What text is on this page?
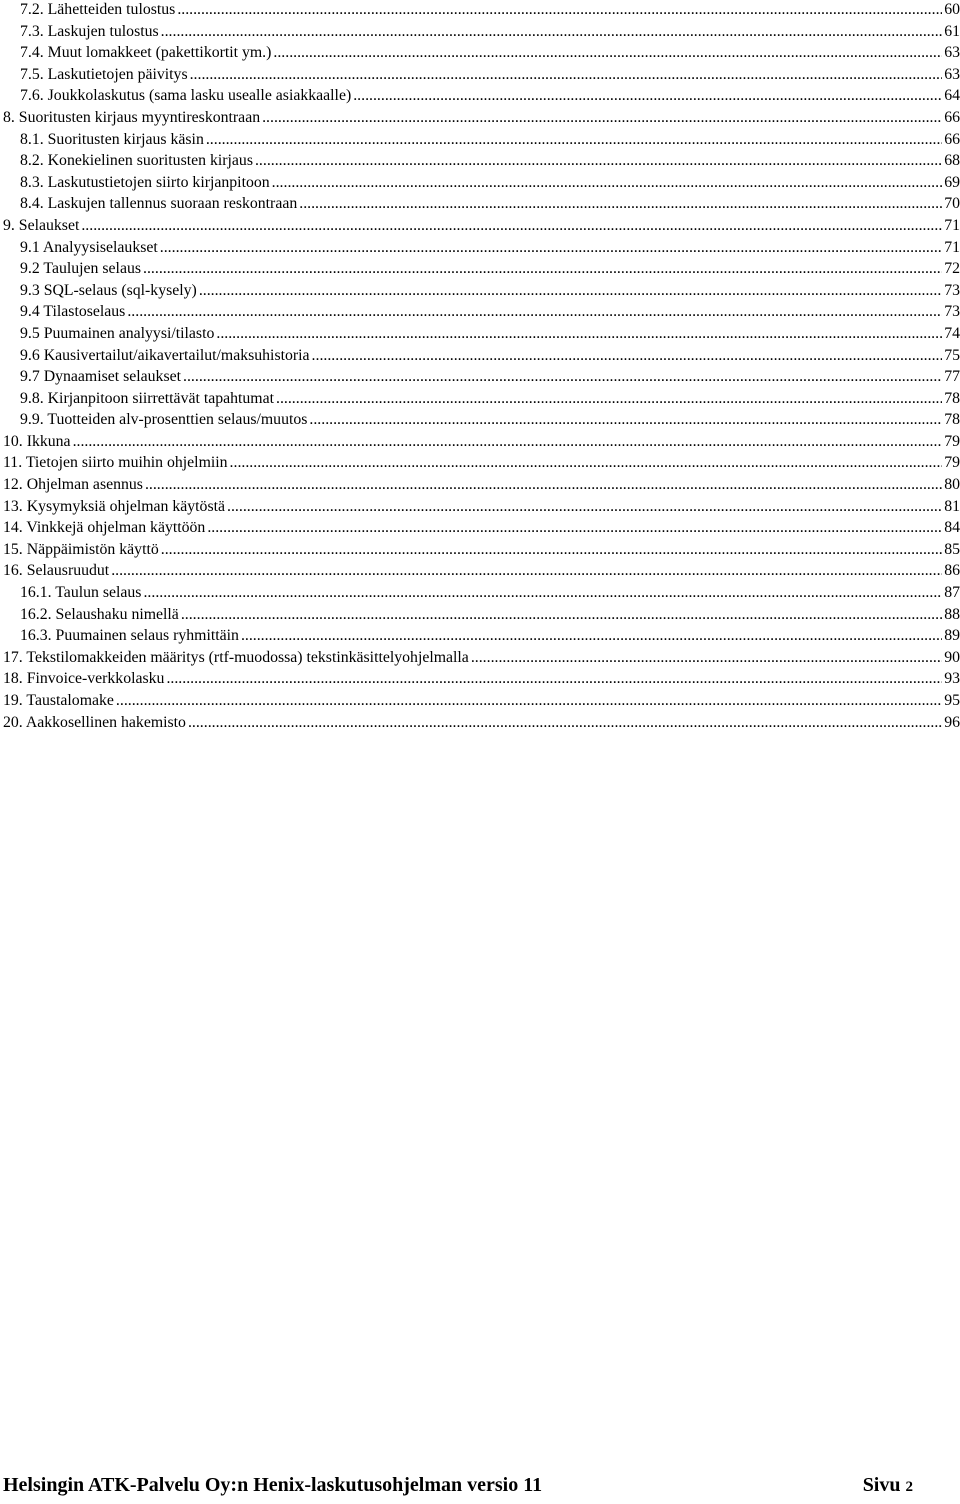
7.2. Lähetteiden tulostus .....	60
7.3. Laskujen tulostus .....	61
7.4. Muut lomakkeet (pakettikortit ym.) .....	63
7.5. Laskutietojen päivitys .....	63
7.6. Joukkolaskutus (sama lasku usealle asiakkaalle) .....	64
8. Suoritusten kirjaus myyntireskontraan .....	66
8.1. Suoritusten kirjaus käsin .....	66
8.2. Konekielinen suoritusten kirjaus .....	68
8.3. Laskutustietojen siirto kirjanpitoon .....	69
8.4. Laskujen tallennus suoraan reskontraan .....	70
9. Selaukset .....	71
9.1 Analyysiselaukset .....	71
9.2 Taulujen selaus .....	72
9.3 SQL-selaus (sql-kysely) .....	73
9.4 Tilastoselaus .....	73
9.5 Puumainen analyysi/tilasto .....	74
9.6 Kausivertailut/aikavertailut/maksuhistoria .....	75
9.7 Dynaamiset selaukset .....	77
9.8. Kirjanpitoon siirrettävät tapahtumat .....	78
9.9. Tuotteiden alv-prosenttien selaus/muutos .....	78
10. Ikkuna .....	79
11. Tietojen siirto muihin ohjelmiin .....	79
12. Ohjelman asennus .....	80
13. Kysymyksiä ohjelman käytöstä .....	81
14. Vinkkejä ohjelman käyttöön .....	84
15. Näppäimistön käyttö .....	85
16. Selausruudut .....	86
16.1. Taulun selaus .....	87
16.2. Selaushaku nimellä .....	88
16.3. Puumainen selaus ryhmittäin .....	89
17. Tekstilomakkeiden määritys (rtf-muodossa) tekstinkäsittelyohjelmalla .....	90
18. Finvoice-verkkolasku .....	93
19. Taustalomake .....	95
20. Aakkosellinen hakemisto .....	96
Helsingin ATK-Palvelu Oy:n Henix-laskutusohjelman versio 11	Sivu 2
